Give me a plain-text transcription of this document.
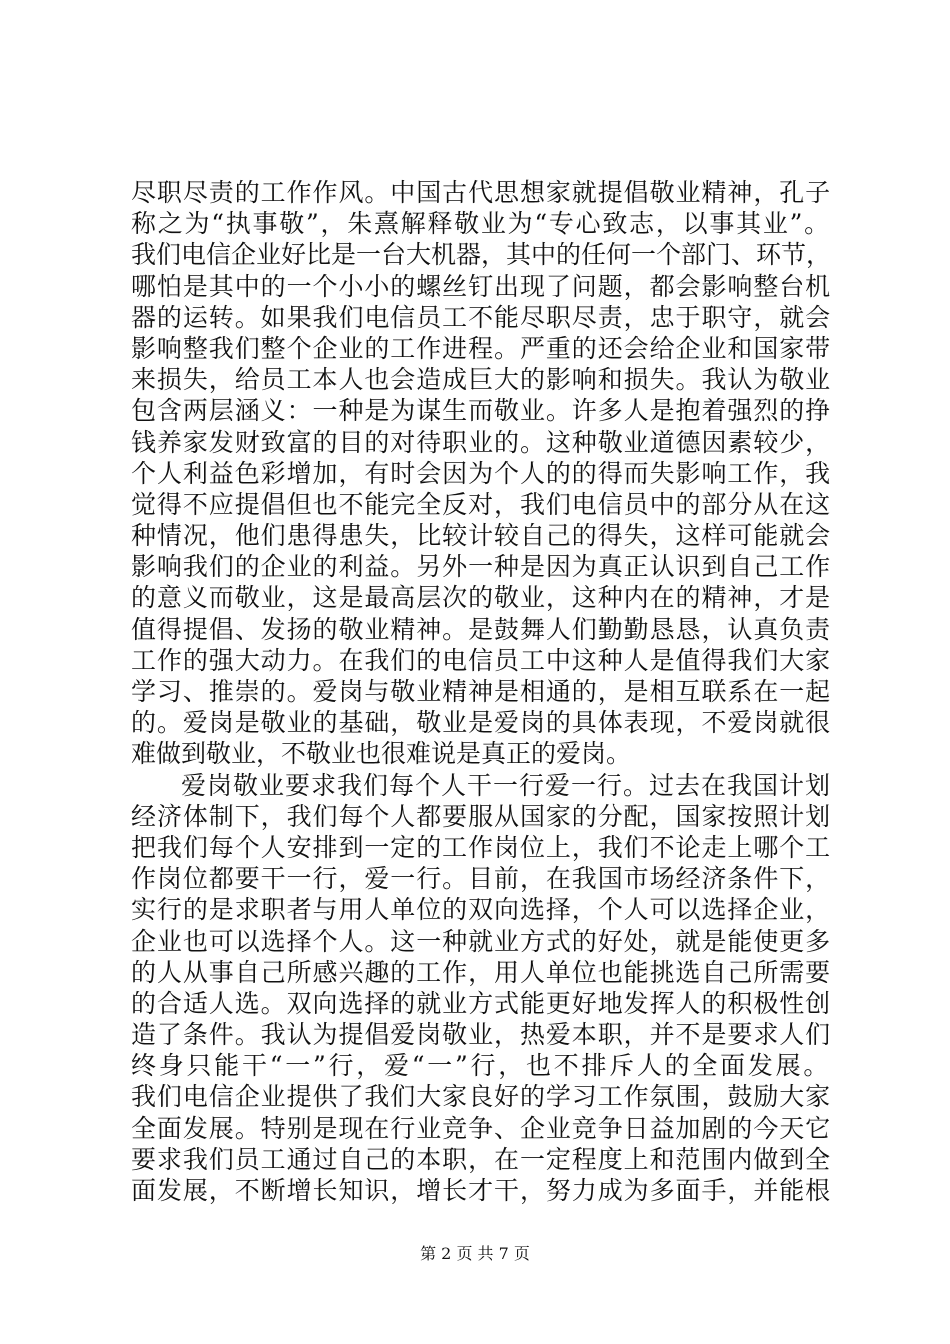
尽职尽责的工作作风。中国古代思想家就提倡敬业精神，孔子
称之为“执事敬”，朱熹解释敬业为“专心致志，以事其业”。
我们电信企业好比是一台大机器，其中的任何一个部门、环节，
哪怕是其中的一个小小的螺丝钉出现了问题，都会影响整台机
器的运转。如果我们电信员工不能尽职尽责，忠于职守，就会
影响整我们整个企业的工作进程。严重的还会给企业和国家带
来损失，给员工本人也会造成巨大的影响和损失。我认为敬业
包含两层涵义：一种是为谋生而敬业。许多人是抱着强烈的挣
钱养家发财致富的目的对待职业的。这种敬业道德因素较少，
个人利益色彩增加，有时会因为个人的的得而失影响工作，我
觉得不应提倡但也不能完全反对，我们电信员中的部分从在这
种情况，他们患得患失，比较计较自己的得失，这样可能就会
影响我们的企业的利益。另外一种是因为真正认识到自己工作
的意义而敬业，这是最高层次的敬业，这种内在的精神，才是
值得提倡、发扬的敬业精神。是鼓舞人们勤勤恳恳，认真负责
工作的强大动力。在我们的电信员工中这种人是值得我们大家
学习、推崇的。爱岗与敬业精神是相通的，是相互联系在一起
的。爱岗是敬业的基础，敬业是爱岗的具体表现，不爱岗就很
难做到敬业，不敬业也很难说是真正的爱岗。
爱岗敬业要求我们每个人干一行爱一行。过去在我国计划
经济体制下，我们每个人都要服从国家的分配，国家按照计划
把我们每个人安排到一定的工作岗位上，我们不论走上哪个工
作岗位都要干一行，爱一行。目前，在我国市场经济条件下，
实行的是求职者与用人单位的双向选择，个人可以选择企业，
企业也可以选择个人。这一种就业方式的好处，就是能使更多
的人从事自己所感兴趣的工作，用人单位也能挑选自己所需要
的合适人选。双向选择的就业方式能更好地发挥人的积极性创
造了条件。我认为提倡爱岗敬业，热爱本职，并不是要求人们
终身只能干“一”行，爱“一”行，也不排斥人的全面发展。
我们电信企业提供了我们大家良好的学习工作氛围，鼓励大家
全面发展。特别是现在行业竞争、企业竞争日益加剧的今天它
要求我们员工通过自己的本职，在一定程度上和范围内做到全
面发展，不断增长知识，增长才干，努力成为多面手，并能根
第 2 页 共 7 页
